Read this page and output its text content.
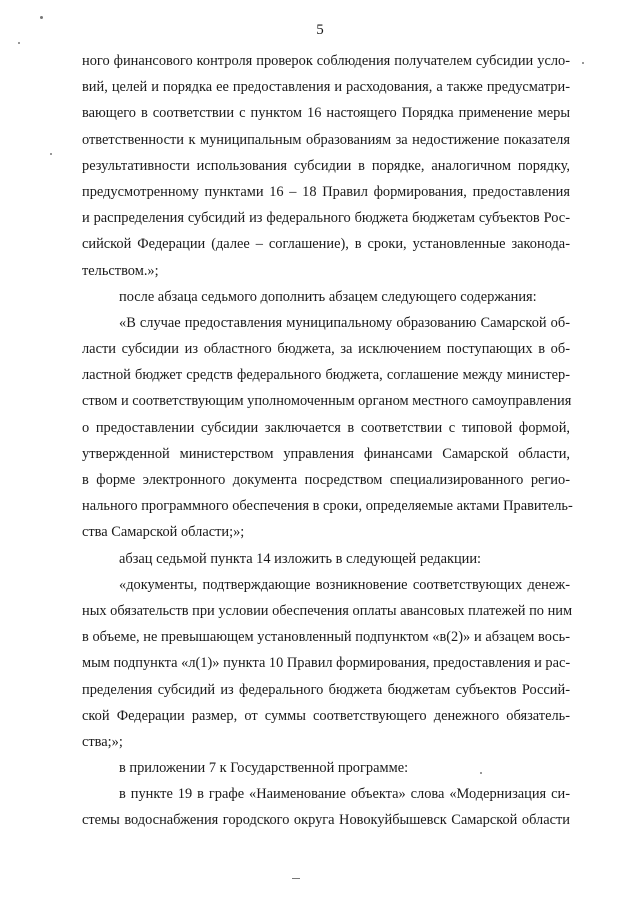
5
ного финансового контроля проверок соблюдения получателем субсидии усло-
вий, целей и порядка ее предоставления и расходования, а также предусматри-
вающего в соответствии с пунктом 16 настоящего Порядка применение меры
ответственности к муниципальным образованиям за недостижение показателя
результативности использования субсидии в порядке, аналогичном порядку,
предусмотренному пунктами 16 – 18 Правил формирования, предоставления
и распределения субсидий из федерального бюджета бюджетам субъектов Рос-
сийской Федерации (далее – соглашение), в сроки, установленные законода-
тельством.»;
после абзаца седьмого дополнить абзацем следующего содержания:
«В случае предоставления муниципальному образованию Самарской об-
ласти субсидии из областного бюджета, за исключением поступающих в об-
ластной бюджет средств федерального бюджета, соглашение между министер-
ством и соответствующим уполномоченным органом местного самоуправления
о предоставлении субсидии заключается в соответствии с типовой формой,
утвержденной министерством управления финансами Самарской области,
в форме электронного документа посредством специализированного регио-
нального программного обеспечения в сроки, определяемые актами Правитель-
ства Самарской области;»;
абзац седьмой пункта 14 изложить в следующей редакции:
«документы, подтверждающие возникновение соответствующих денеж-
ных обязательств при условии обеспечения оплаты авансовых платежей по ним
в объеме, не превышающем установленный подпунктом «в(2)» и абзацем вось-
мым подпункта «л(1)» пункта 10 Правил формирования, предоставления и рас-
пределения субсидий из федерального бюджета бюджетам субъектов Россий-
ской Федерации размер, от суммы соответствующего денежного обязатель-
ства;»;
в приложении 7 к Государственной программе:
в пункте 19 в графе «Наименование объекта» слова «Модернизация си-
стемы водоснабжения городского округа Новокуйбышевск Самарской области
